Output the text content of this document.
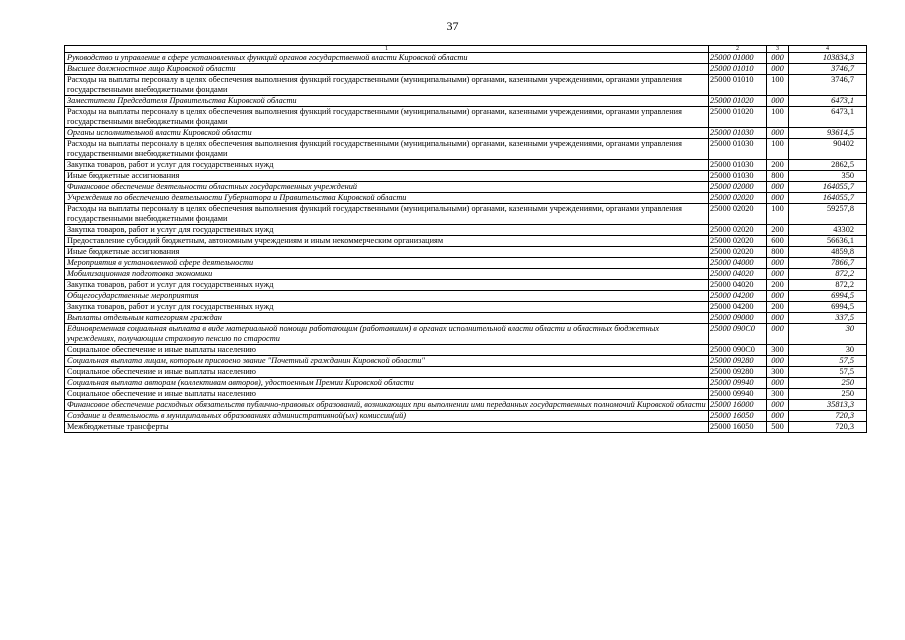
37
1	2	3	4
Руководство и управление в сфере установленных функций органов государственной власти Кировской области	25000 01000	000	103834,3
Высшее должностное лицо Кировской области	25000 01010	000	3746,7
Расходы на выплаты персоналу в целях обеспечения выполнения функций государственными (муниципальными) органами, казенными учреждениями, органами управления государственными внебюджетными фондами	25000 01010	100	3746,7
Заместители Председателя Правительства Кировской области	25000 01020	000	6473,1
Расходы на выплаты персоналу в целях обеспечения выполнения функций государственными (муниципальными) органами, казенными учреждениями, органами управления государственными внебюджетными фондами	25000 01020	100	6473,1
Органы исполнительной власти Кировской области	25000 01030	000	93614,5
Расходы на выплаты персоналу в целях обеспечения выполнения функций государственными (муниципальными) органами, казенными учреждениями, органами управления государственными внебюджетными фондами	25000 01030	100	90402
Закупка товаров, работ и услуг для государственных нужд	25000 01030	200	2862,5
Иные бюджетные ассигнования	25000 01030	800	350
Финансовое обеспечение деятельности областных государственных учреждений	25000 02000	000	164055,7
Учреждения по обеспечению деятельности Губернатора и Правительства Кировской области	25000 02020	000	164055,7
Расходы на выплаты персоналу в целях обеспечения выполнения функций государственными (муниципальными) органами, казенными учреждениями, органами управления государственными внебюджетными фондами	25000 02020	100	59257,8
Закупка товаров, работ и услуг для государственных нужд	25000 02020	200	43302
Предоставление субсидий бюджетным, автономным учреждениям и иным некоммерческим организациям	25000 02020	600	56636,1
Иные бюджетные ассигнования	25000 02020	800	4859,8
Мероприятия в установленной сфере деятельности	25000 04000	000	7866,7
Мобилизационная подготовка экономики	25000 04020	000	872,2
Закупка товаров, работ и услуг для государственных нужд	25000 04020	200	872,2
Общегосударственные мероприятия	25000 04200	000	6994,5
Закупка товаров, работ и услуг для государственных нужд	25000 04200	200	6994,5
Выплаты отдельным категориям граждан	25000 09000	000	337,5
Единовременная социальная выплата в виде материальной помощи работающим (работавшим) в органах исполнительной власти области и областных бюджетных учреждениях, получающим страховую пенсию по старости	25000 090С0	000	30
Социальное обеспечение и иные выплаты населению	25000 090С0	300	30
Социальная выплата лицам, которым присвоено звание "Почетный гражданин Кировской области"	25000 09280	000	57,5
Социальное обеспечение и иные выплаты населению	25000 09280	300	57,5
Социальная выплата авторам (коллективам авторов), удостоенным Премии Кировской области	25000 09940	000	250
Социальное обеспечение и иные выплаты населению	25000 09940	300	250
Финансовое обеспечение расходных обязательств публично-правовых образований, возникающих при выполнении ими переданных государственных полномочий Кировской области	25000 16000	000	35813,3
Создание и деятельность в муниципальных образованиях административной(ых) комиссии(ий)	25000 16050	000	720,3
Межбюджетные трансферты	25000 16050	500	720,3
